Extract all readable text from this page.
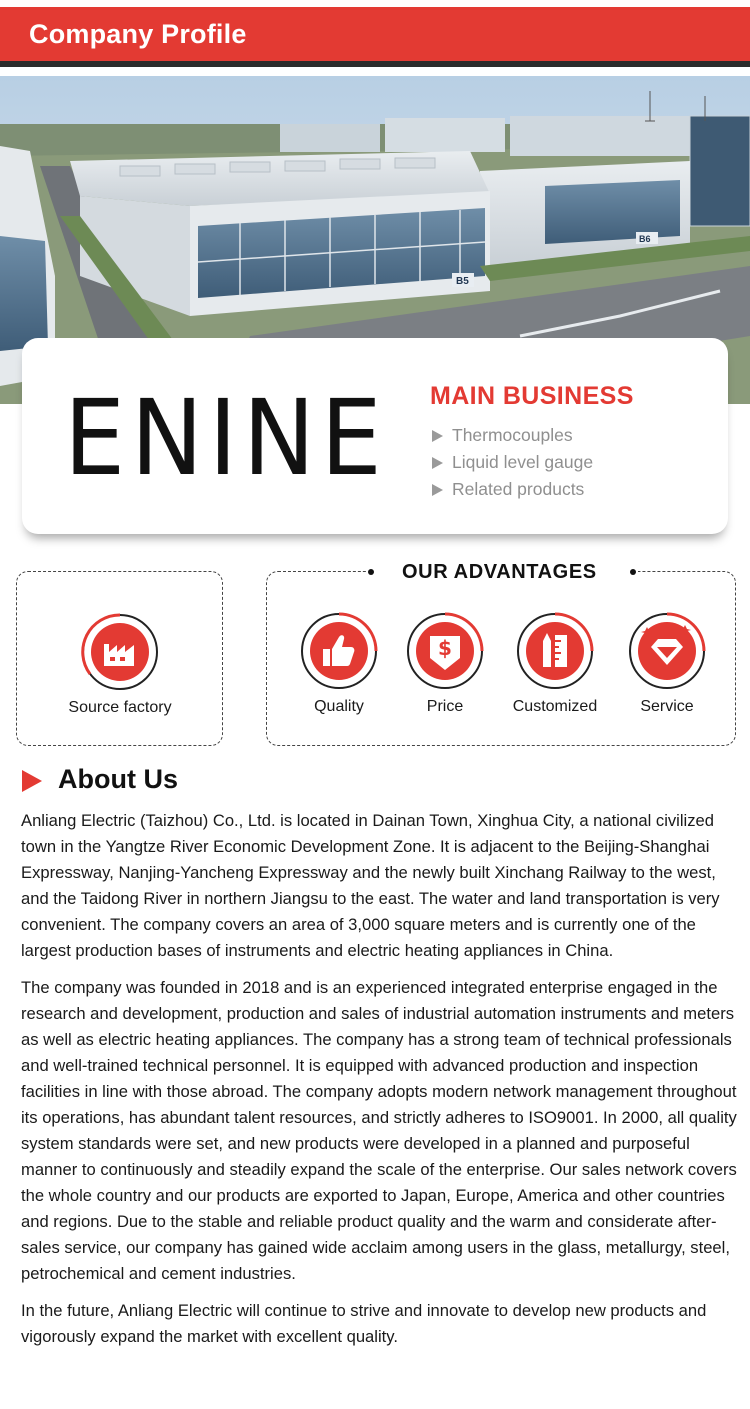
Company Profile
B5
B6
ENINE MAIN BUSINESS
Thermocouples
Liquid level gauge
Related products
Source factory
OUR ADVANTAGES
Quality
$
Price	Customized	Service
About Us

Anliang Electric (Taizhou) Co., Ltd. is located in Dainan Town, Xinghua City, a national civilized town in the Yangtze River Economic Development Zone. It is adjacent to the Beijing-Shanghai Expressway, Nanjing-Yancheng Expressway and the newly built Xinchang Railway to the west, and the Taidong River in northern Jiangsu to the east. The water and land transportation is very convenient. The company covers an area of 3,000 square meters and is currently one of the largest production bases of instruments and electric heating appliances in China.

The company was founded in 2018 and is an experienced integrated enterprise engaged in the research and development, production and sales of industrial automation instruments and meters as well as electric heating appliances. The company has a strong team of technical professionals and well-trained technical personnel. It is equipped with advanced production and inspection facilities in line with those abroad. The company adopts modern network management throughout its operations, has abundant talent resources, and strictly adheres to ISO9001. In 2000, all quality system standards were set, and new products were developed in a planned and purposeful manner to continuously and steadily expand the scale of the enterprise. Our sales network covers the whole country and our products are exported to Japan, Europe, America and other countries and regions. Due to the stable and reliable product quality and the warm and considerate after-sales service, our company has gained wide acclaim among users in the glass, metallurgy, steel, petrochemical and cement industries.

In the future, Anliang Electric will continue to strive and innovate to develop new products and vigorously expand the market with excellent quality.
